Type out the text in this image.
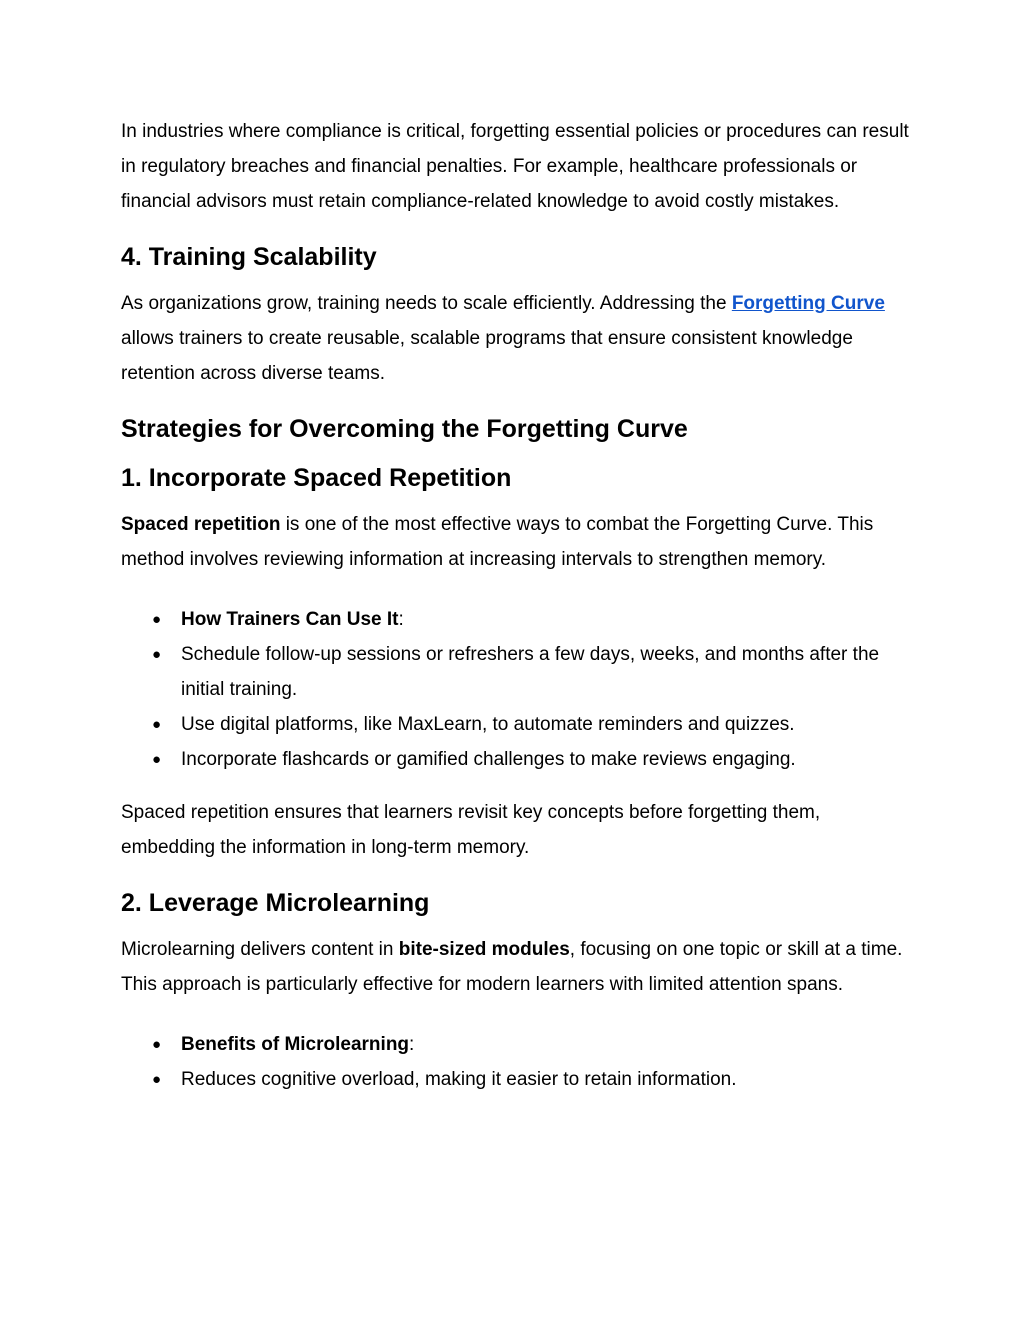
In industries where compliance is critical, forgetting essential policies or procedures can result in regulatory breaches and financial penalties. For example, healthcare professionals or financial advisors must retain compliance-related knowledge to avoid costly mistakes.

4. Training Scalability

As organizations grow, training needs to scale efficiently. Addressing the Forgetting Curve allows trainers to create reusable, scalable programs that ensure consistent knowledge retention across diverse teams.

Strategies for Overcoming the Forgetting Curve
1. Incorporate Spaced Repetition

Spaced repetition is one of the most effective ways to combat the Forgetting Curve. This method involves reviewing information at increasing intervals to strengthen memory.

● How Trainers Can Use It:
● Schedule follow-up sessions or refreshers a few days, weeks, and months after the initial training.
● Use digital platforms, like MaxLearn, to automate reminders and quizzes.
● Incorporate flashcards or gamified challenges to make reviews engaging.

Spaced repetition ensures that learners revisit key concepts before forgetting them, embedding the information in long-term memory.

2. Leverage Microlearning

Microlearning delivers content in bite-sized modules, focusing on one topic or skill at a time. This approach is particularly effective for modern learners with limited attention spans.

● Benefits of Microlearning:
● Reduces cognitive overload, making it easier to retain information.
